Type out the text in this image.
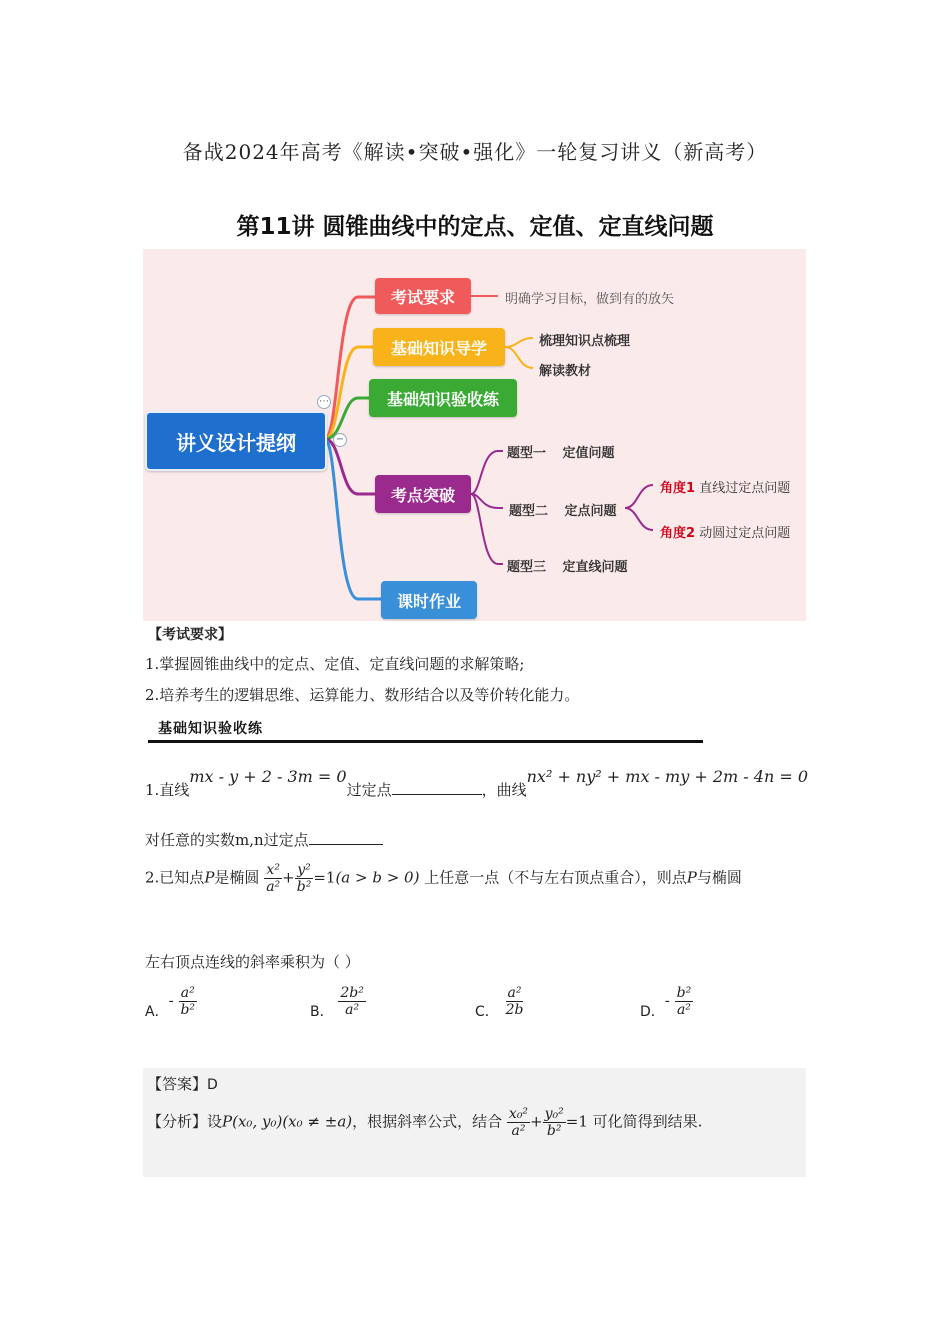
备战2024年高考《解读•突破•强化》一轮复习讲义（新高考）
第11讲 圆锥曲线中的定点、定值、定直线问题
讲义设计提纲
⋯
−
考试要求	明确学习目标，做到有的放矢
基础知识导学	梳理知识点梳理
解读教材
基础知识验收练
考点突破
题型一 定值问题
题型二 定点问题
题型三 定直线问题
角度1 直线过定点问题
角度2 动圆过定点问题
课时作业
【考试要求】
1.掌握圆锥曲线中的定点、定值、定直线问题的求解策略;
2.培养考生的逻辑思维、运算能力、数形结合以及等价转化能力。
基础知识验收练
1.直线mx - y + 2 - 3m = 0过定点	，曲线nx² + ny² + mx - my + 2m - 4n = 0
对任意的实数m,n过定点
2.已知点P是椭圆 $\frac{\text{x²}}{\text{a²}} + \frac{\text{y²}}{\text{b²}} =1(a > b > 0)$ 上任意一点（不与左右顶点重合），则点P与椭圆
左右顶点连线的斜率乘积为（ ）
A．- $\frac{\text{a²}}{\text{b²}}$	B． $\frac{\text{2b²}}{\text{a²}}$	C． $\frac{\text{a²}}{2b}$	D．- $\frac{\text{b²}}{\text{a²}}$
【答案】D
【分析】设P(x₀, y₀)(x₀ ≠ ±a)，根据斜率公式，结合 $\frac{\text{x₀²}}{\text{a²}} + \frac{\text{y₀²}}{\text{b²}} =1$ 可化简得到结果.
